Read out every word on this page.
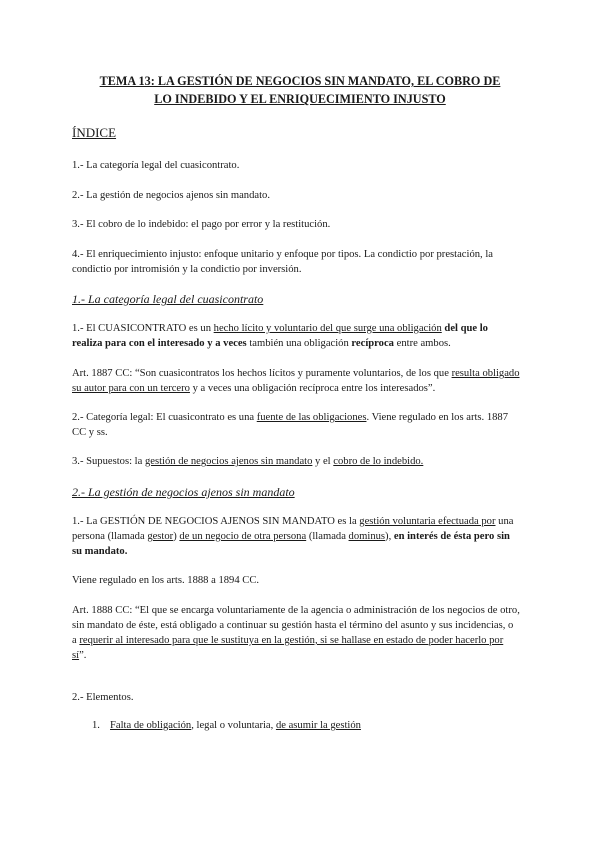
TEMA 13: LA GESTIÓN DE NEGOCIOS SIN MANDATO, EL COBRO DE
LO INDEBIDO Y EL ENRIQUECIMIENTO INJUSTO

ÍNDICE

1.- La categoría legal del cuasicontrato.

2.- La gestión de negocios ajenos sin mandato.

3.- El cobro de lo indebido: el pago por error y la restitución.

4.- El enriquecimiento injusto: enfoque unitario y enfoque por tipos. La condictio por prestación, la condictio por intromisión y la condictio por inversión.

1.- La categoría legal del cuasicontrato

1.- El CUASICONTRATO es un hecho lícito y voluntario del que surge una obligación del que lo realiza para con el interesado y a veces también una obligación recíproca entre ambos.

Art. 1887 CC: “Son cuasicontratos los hechos lícitos y puramente voluntarios, de los que resulta obligado su autor para con un tercero y a veces una obligación recíproca entre los interesados”.

2.- Categoría legal: El cuasicontrato es una fuente de las obligaciones. Viene regulado en los arts. 1887 CC y ss.

3.- Supuestos: la gestión de negocios ajenos sin mandato y el cobro de lo indebido.

2.- La gestión de negocios ajenos sin mandato

1.- La GESTIÓN DE NEGOCIOS AJENOS SIN MANDATO es la gestión voluntaria efectuada por una persona (llamada gestor) de un negocio de otra persona (llamada dominus), en interés de ésta pero sin su mandato.

Viene regulado en los arts. 1888 a 1894 CC.

Art. 1888 CC: “El que se encarga voluntariamente de la agencia o administración de los negocios de otro, sin mandato de éste, está obligado a continuar su gestión hasta el término del asunto y sus incidencias, o a requerir al interesado para que le sustituya en la gestión, si se hallase en estado de poder hacerlo por sí”.

2.- Elementos.

1. Falta de obligación, legal o voluntaria, de asumir la gestión
